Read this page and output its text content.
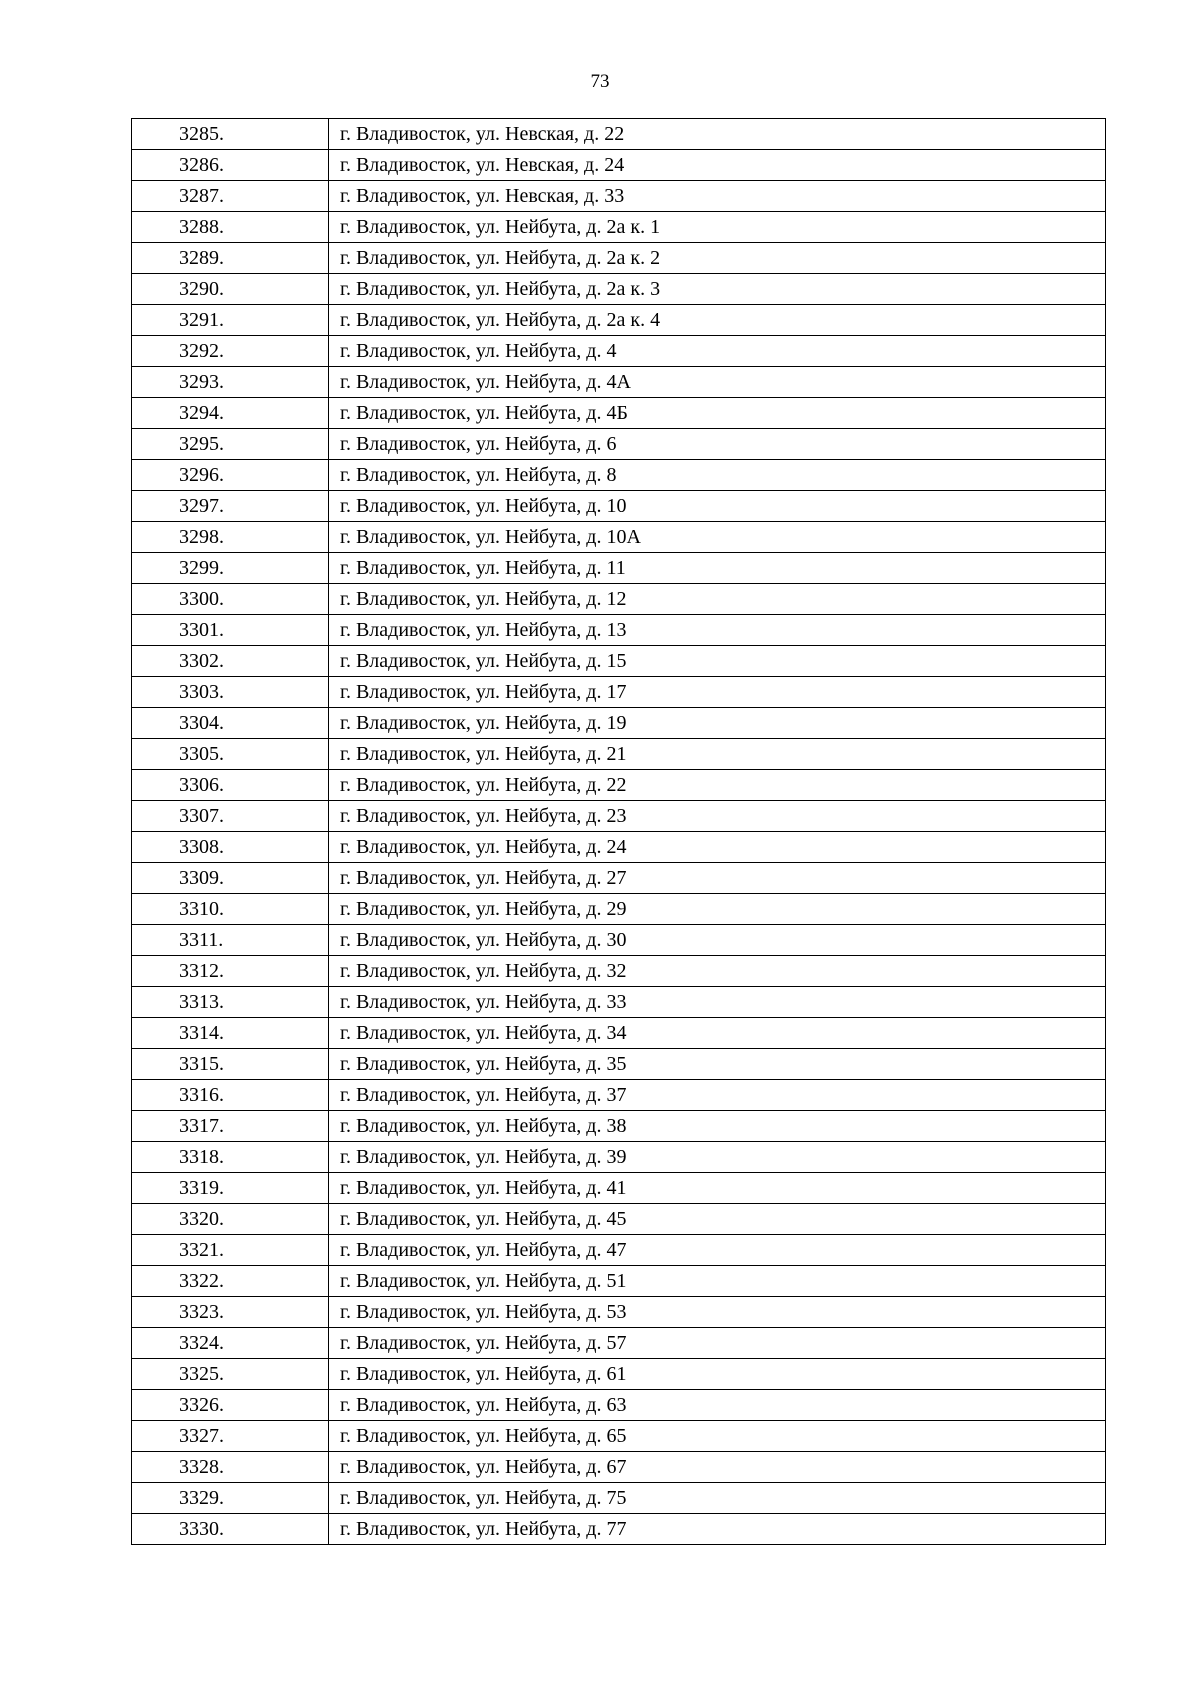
73
3285.	г. Владивосток, ул. Невская, д. 22
3286.	г. Владивосток, ул. Невская, д. 24
3287.	г. Владивосток, ул. Невская, д. 33
3288.	г. Владивосток, ул. Нейбута, д. 2а к. 1
3289.	г. Владивосток, ул. Нейбута, д. 2а к. 2
3290.	г. Владивосток, ул. Нейбута, д. 2а к. 3
3291.	г. Владивосток, ул. Нейбута, д. 2а к. 4
3292.	г. Владивосток, ул. Нейбута, д. 4
3293.	г. Владивосток, ул. Нейбута, д. 4А
3294.	г. Владивосток, ул. Нейбута, д. 4Б
3295.	г. Владивосток, ул. Нейбута, д. 6
3296.	г. Владивосток, ул. Нейбута, д. 8
3297.	г. Владивосток, ул. Нейбута, д. 10
3298.	г. Владивосток, ул. Нейбута, д. 10А
3299.	г. Владивосток, ул. Нейбута, д. 11
3300.	г. Владивосток, ул. Нейбута, д. 12
3301.	г. Владивосток, ул. Нейбута, д. 13
3302.	г. Владивосток, ул. Нейбута, д. 15
3303.	г. Владивосток, ул. Нейбута, д. 17
3304.	г. Владивосток, ул. Нейбута, д. 19
3305.	г. Владивосток, ул. Нейбута, д. 21
3306.	г. Владивосток, ул. Нейбута, д. 22
3307.	г. Владивосток, ул. Нейбута, д. 23
3308.	г. Владивосток, ул. Нейбута, д. 24
3309.	г. Владивосток, ул. Нейбута, д. 27
3310.	г. Владивосток, ул. Нейбута, д. 29
3311.	г. Владивосток, ул. Нейбута, д. 30
3312.	г. Владивосток, ул. Нейбута, д. 32
3313.	г. Владивосток, ул. Нейбута, д. 33
3314.	г. Владивосток, ул. Нейбута, д. 34
3315.	г. Владивосток, ул. Нейбута, д. 35
3316.	г. Владивосток, ул. Нейбута, д. 37
3317.	г. Владивосток, ул. Нейбута, д. 38
3318.	г. Владивосток, ул. Нейбута, д. 39
3319.	г. Владивосток, ул. Нейбута, д. 41
3320.	г. Владивосток, ул. Нейбута, д. 45
3321.	г. Владивосток, ул. Нейбута, д. 47
3322.	г. Владивосток, ул. Нейбута, д. 51
3323.	г. Владивосток, ул. Нейбута, д. 53
3324.	г. Владивосток, ул. Нейбута, д. 57
3325.	г. Владивосток, ул. Нейбута, д. 61
3326.	г. Владивосток, ул. Нейбута, д. 63
3327.	г. Владивосток, ул. Нейбута, д. 65
3328.	г. Владивосток, ул. Нейбута, д. 67
3329.	г. Владивосток, ул. Нейбута, д. 75
3330.	г. Владивосток, ул. Нейбута, д. 77
